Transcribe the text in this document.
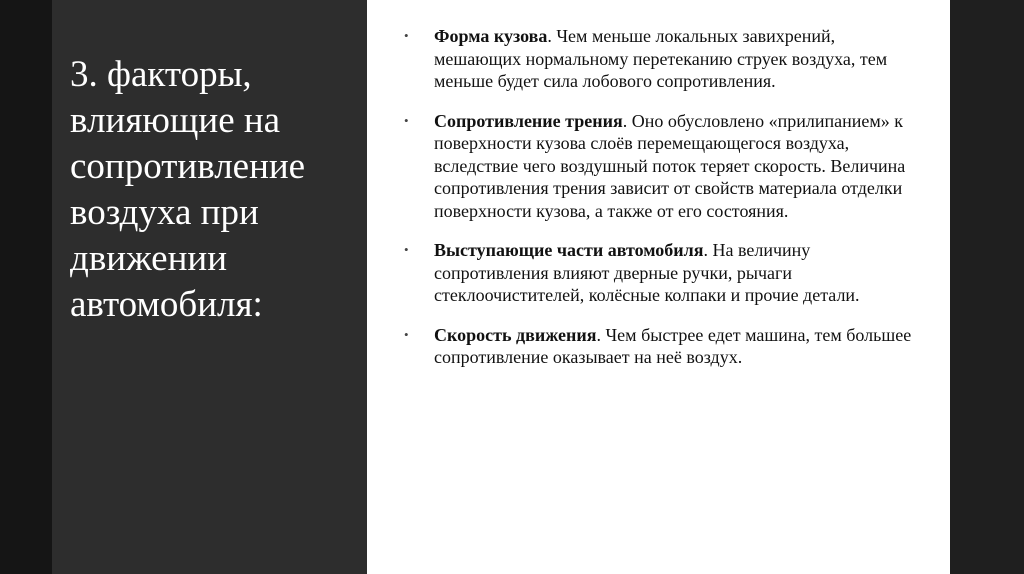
3. факторы, влияющие на сопротивление воздуха при движении автомобиля:
• Форма кузова. Чем меньше локальных завихрений, мешающих нормальному перетеканию струек воздуха, тем меньше будет сила лобового сопротивления.
• Сопротивление трения. Оно обусловлено «прилипанием» к поверхности кузова слоёв перемещающегося воздуха, вследствие чего воздушный поток теряет скорость. Величина сопротивления трения зависит от свойств материала отделки поверхности кузова, а также от его состояния.
• Выступающие части автомобиля. На величину сопротивления влияют дверные ручки, рычаги стеклоочистителей, колёсные колпаки и прочие детали.
• Скорость движения. Чем быстрее едет машина, тем большее сопротивление оказывает на неё воздух.
